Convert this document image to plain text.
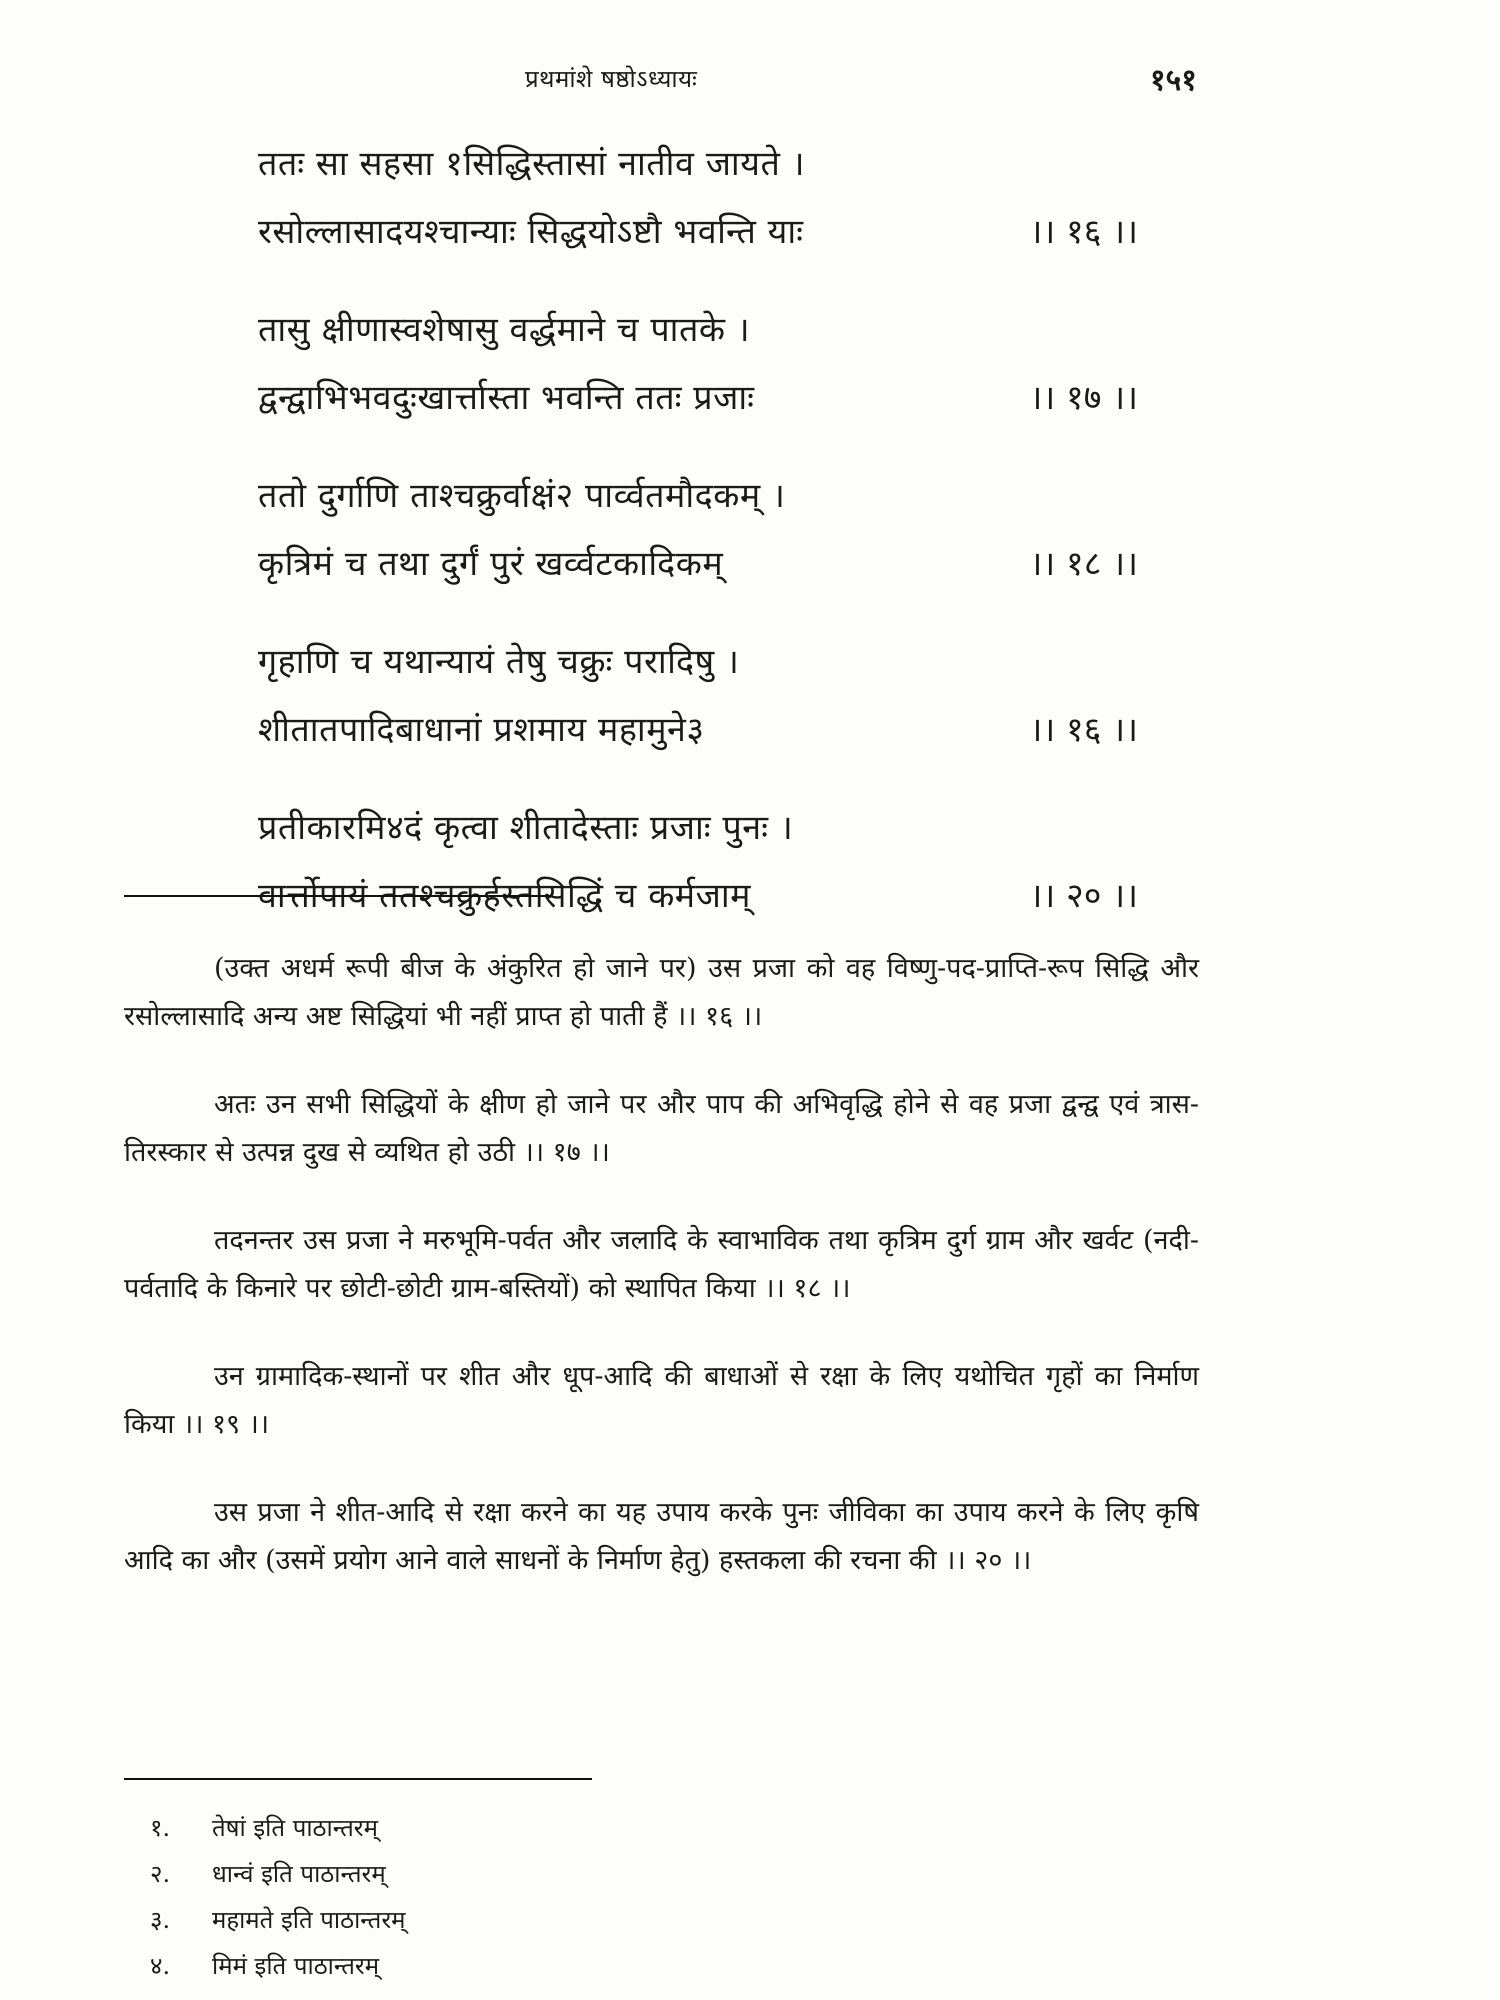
प्रथमांशे षष्ठोऽध्यायः	१५१
ततः सा सहसा १सिद्धिस्तासां नातीव जायते ।
रसोल्लासादयश्चान्याः सिद्धयोऽष्टौ भवन्ति याः	।। १६ ।।
तासु क्षीणास्वशेषासु वर्द्धमाने च पातके ।
द्वन्द्वाभिभवदुःखार्त्तास्ता भवन्ति ततः प्रजाः	।। १७ ।।
ततो दुर्गाणि ताश्चक्रुर्वाक्षं२ पार्व्वतमौदकम् ।
कृत्रिमं च तथा दुर्गं पुरं खर्व्वटकादिकम्	।। १८ ।।
गृहाणि च यथान्यायं तेषु चक्रुः परादिषु ।
शीतातपादिबाधानां प्रशमाय महामुने३	।। १६ ।।
प्रतीकारमि४दं कृत्वा शीतादेस्ताः प्रजाः पुनः ।
वार्त्तोपायं ततश्चक्रुर्हस्तसिद्धिं च कर्मजाम्	।। २० ।।

(उक्त अधर्म रूपी बीज के अंकुरित हो जाने पर) उस प्रजा को वह विष्णु-पद-प्राप्ति-रूप सिद्धि और रसोल्लासादि अन्य अष्ट सिद्धियां भी नहीं प्राप्त हो पाती हैं ।। १६ ।।

अतः उन सभी सिद्धियों के क्षीण हो जाने पर और पाप की अभिवृद्धि होने से वह प्रजा द्वन्द्व एवं त्रास-तिरस्कार से उत्पन्न दुख से व्यथित हो उठी ।। १७ ।।

तदनन्तर उस प्रजा ने मरुभूमि-पर्वत और जलादि के स्वाभाविक तथा कृत्रिम दुर्ग ग्राम और खर्वट (नदी-पर्वतादि के किनारे पर छोटी-छोटी ग्राम-बस्तियों) को स्थापित किया ।। १८ ।।

उन ग्रामादिक-स्थानों पर शीत और धूप-आदि की बाधाओं से रक्षा के लिए यथोचित गृहों का निर्माण किया ।। १९ ।।

उस प्रजा ने शीत-आदि से रक्षा करने का यह उपाय करके पुनः जीविका का उपाय करने के लिए कृषि आदि का और (उसमें प्रयोग आने वाले साधनों के निर्माण हेतु) हस्तकला की रचना की ।। २० ।।

१. तेषां इति पाठान्तरम्
२. धान्वं इति पाठान्तरम्
३. महामते इति पाठान्तरम्
४. मिमं इति पाठान्तरम्
